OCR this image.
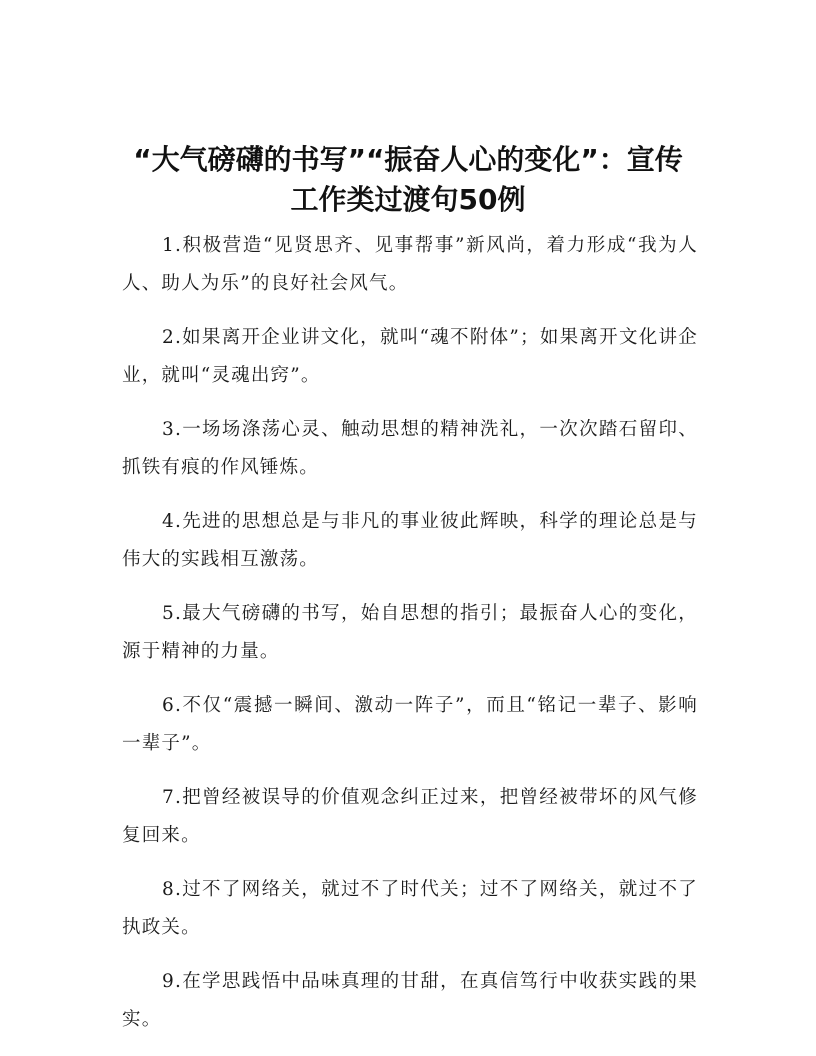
“大气磅礴的书写”“振奋人心的变化”：宣传工作类过渡句50例

1.积极营造“见贤思齐、见事帮事”新风尚，着力形成“我为人人、助人为乐”的良好社会风气。

2.如果离开企业讲文化，就叫“魂不附体”；如果离开文化讲企业，就叫“灵魂出窍”。

3.一场场涤荡心灵、触动思想的精神洗礼，一次次踏石留印、抓铁有痕的作风锤炼。

4.先进的思想总是与非凡的事业彼此辉映，科学的理论总是与伟大的实践相互激荡。

5.最大气磅礴的书写，始自思想的指引；最振奋人心的变化，源于精神的力量。

6.不仅“震撼一瞬间、激动一阵子”，而且“铭记一辈子、影响一辈子”。

7.把曾经被误导的价值观念纠正过来，把曾经被带坏的风气修复回来。

8.过不了网络关，就过不了时代关；过不了网络关，就过不了执政关。

9.在学思践悟中品味真理的甘甜，在真信笃行中收获实践的果实。
